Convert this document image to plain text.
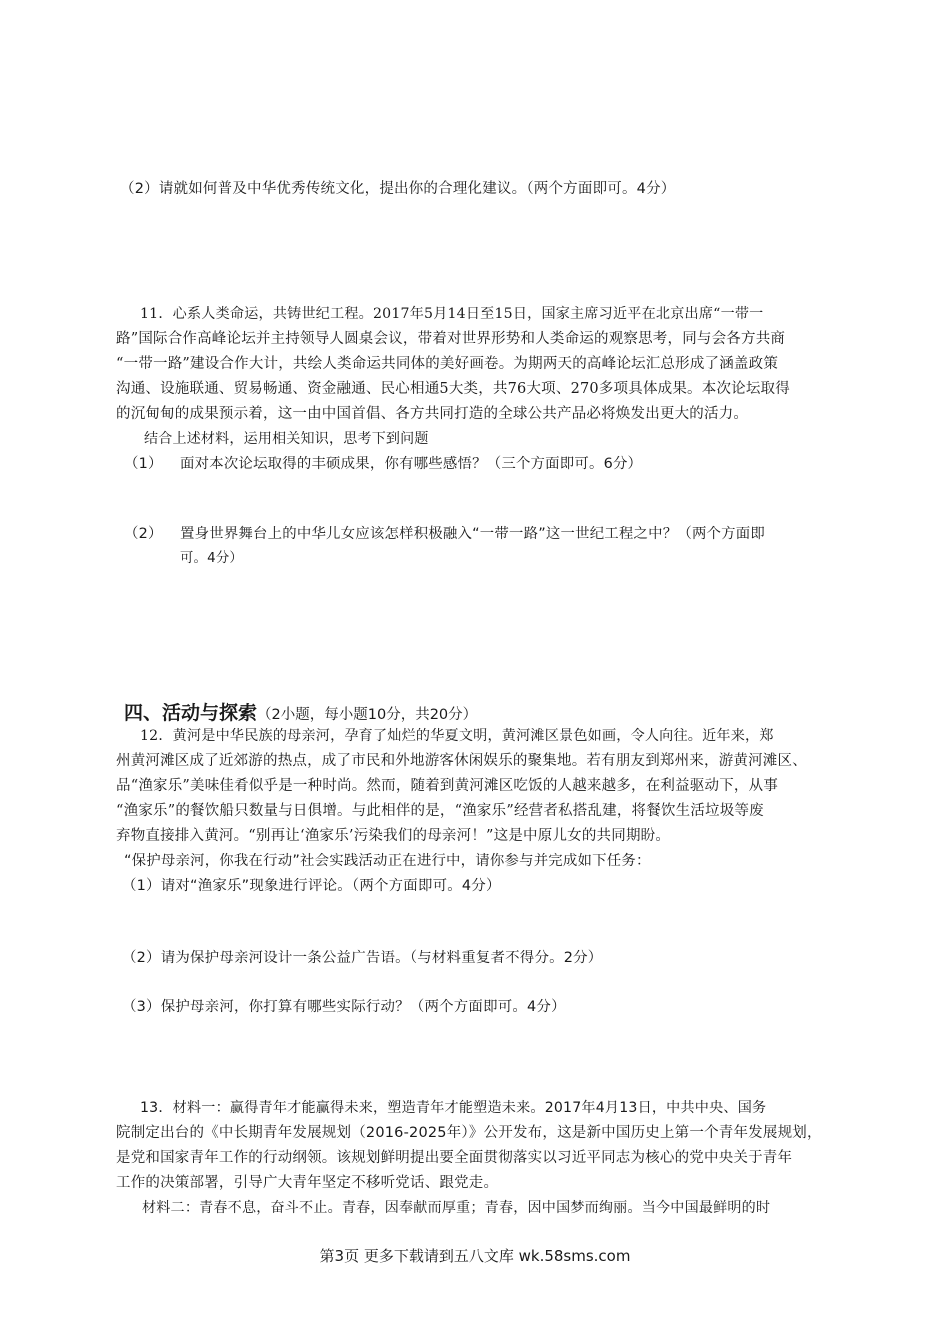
（2）请就如何普及中华优秀传统文化，提出你的合理化建议。（两个方面即可。4分）
11．心系人类命运，共铸世纪工程。2017年5月14日至15日，国家主席习近平在北京出席“一带一
路”国际合作高峰论坛并主持领导人圆桌会议，带着对世界形势和人类命运的观察思考，同与会各方共商
“一带一路”建设合作大计，共绘人类命运共同体的美好画卷。为期两天的高峰论坛汇总形成了涵盖政策
沟通、设施联通、贸易畅通、资金融通、民心相通5大类，共76大项、270多项具体成果。本次论坛取得
的沉甸甸的成果预示着，这一由中国首倡、各方共同打造的全球公共产品必将焕发出更大的活力。
结合上述材料，运用相关知识，思考下到问题
（1） 面对本次论坛取得的丰硕成果，你有哪些感悟？（三个方面即可。6分）
（2） 置身世界舞台上的中华儿女应该怎样积极融入“一带一路”这一世纪工程之中？（两个方面即
可。4分）
四、活动与探索（2小题，每小题10分，共20分）
12．黄河是中华民族的母亲河，孕育了灿烂的华夏文明，黄河滩区景色如画，令人向往。近年来，郑
州黄河滩区成了近郊游的热点，成了市民和外地游客休闲娱乐的聚集地。若有朋友到郑州来，游黄河滩区、
品“渔家乐”美味佳肴似乎是一种时尚。然而，随着到黄河滩区吃饭的人越来越多，在利益驱动下，从事
“渔家乐”的餐饮船只数量与日俱增。与此相伴的是，“渔家乐”经营者私搭乱建，将餐饮生活垃圾等废
弃物直接排入黄河。“别再让‘渔家乐’污染我们的母亲河！”这是中原儿女的共同期盼。
“保护母亲河，你我在行动”社会实践活动正在进行中，请你参与并完成如下任务：
（1）请对“渔家乐”现象进行评论。（两个方面即可。4分）
（2）请为保护母亲河设计一条公益广告语。（与材料重复者不得分。2分）
（3）保护母亲河，你打算有哪些实际行动？（两个方面即可。4分）
13．材料一：赢得青年才能赢得未来，塑造青年才能塑造未来。2017年4月13日，中共中央、国务
院制定出台的《中长期青年发展规划（2016-2025年）》公开发布，这是新中国历史上第一个青年发展规划，
是党和国家青年工作的行动纲领。该规划鲜明提出要全面贯彻落实以习近平同志为核心的党中央关于青年
工作的决策部署，引导广大青年坚定不移听党话、跟党走。
材料二：青春不息，奋斗不止。青春，因奉献而厚重；青春，因中国梦而绚丽。当今中国最鲜明的时
第3页 更多下载请到五八文库 wk.58sms.com
